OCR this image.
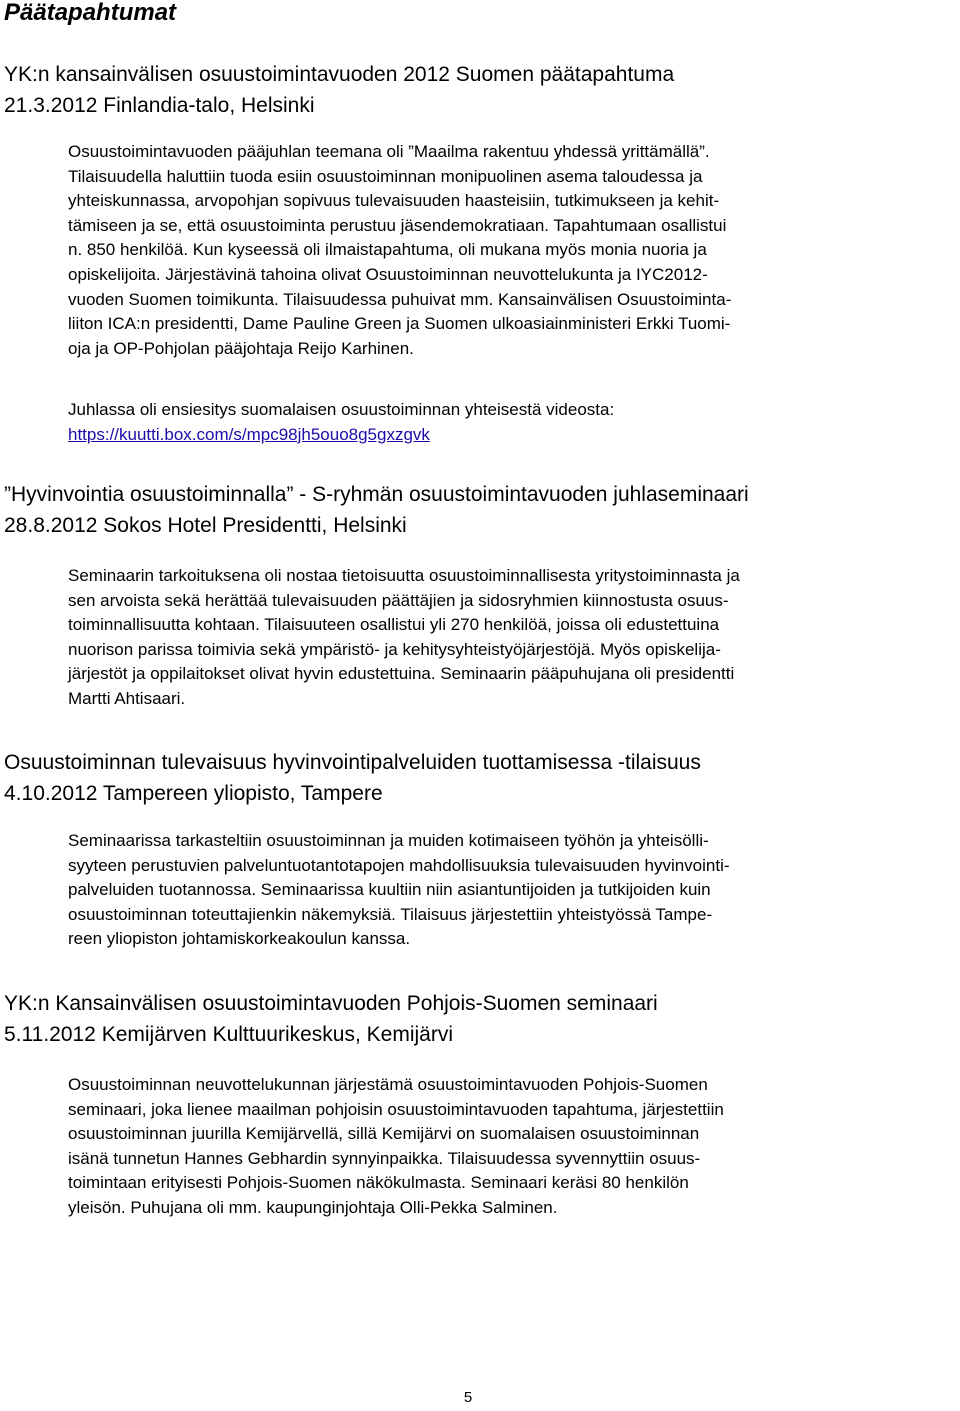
Päätapahtumat
YK:n kansainvälisen osuustoimintavuoden 2012 Suomen päätapahtuma
21.3.2012 Finlandia-talo, Helsinki
Osuustoimintavuoden pääjuhlan teemana oli ”Maailma rakentuu yhdessä yrittämällä”.
Tilaisuudella haluttiin tuoda esiin osuustoiminnan monipuolinen asema taloudessa ja
yhteiskunnassa, arvopohjan sopivuus tulevaisuuden haasteisiin, tutkimukseen ja kehit-
tämiseen ja se, että osuustoiminta perustuu jäsendemokratiaan. Tapahtumaan osallistui
n. 850 henkilöä. Kun kyseessä oli ilmaistapahtuma, oli mukana myös monia nuoria ja
opiskelijoita. Järjestävinä tahoina olivat Osuustoiminnan neuvottelukunta ja IYC2012-
vuoden Suomen toimikunta. Tilaisuudessa puhuivat mm. Kansainvälisen Osuustoiminta-
liiton ICA:n presidentti, Dame Pauline Green ja Suomen ulkoasiainministeri Erkki Tuomi-
oja ja OP-Pohjolan pääjohtaja Reijo Karhinen.
Juhlassa oli ensiesitys suomalaisen osuustoiminnan yhteisestä videosta:
https://kuutti.box.com/s/mpc98jh5ouo8g5gxzgvk
”Hyvinvointia osuustoiminnalla” - S-ryhmän osuustoimintavuoden juhlaseminaari
28.8.2012 Sokos Hotel Presidentti, Helsinki
Seminaarin tarkoituksena oli nostaa tietoisuutta osuustoiminnallisesta yritystoiminnasta ja
sen arvoista sekä herättää tulevaisuuden päättäjien ja sidosryhmien kiinnostusta osuus-
toiminnallisuutta kohtaan. Tilaisuuteen osallistui yli 270 henkilöä, joissa oli edustettuina
nuorison parissa toimivia sekä ympäristö- ja kehitysyhteistyöjärjestöjä. Myös opiskelija-
järjestöt ja oppilaitokset olivat hyvin edustettuina. Seminaarin pääpuhujana oli presidentti
Martti Ahtisaari.
Osuustoiminnan tulevaisuus hyvinvointipalveluiden tuottamisessa -tilaisuus
4.10.2012 Tampereen yliopisto, Tampere
Seminaarissa tarkasteltiin osuustoiminnan ja muiden kotimaiseen työhön ja yhteisölli-
syyteen perustuvien palveluntuotantotapojen mahdollisuuksia tulevaisuuden hyvinvointi-
palveluiden tuotannossa. Seminaarissa kuultiin niin asiantuntijoiden ja tutkijoiden kuin
osuustoiminnan toteuttajienkin näkemyksiä. Tilaisuus järjestettiin yhteistyössä Tampe-
reen yliopiston johtamiskorkeakoulun kanssa.
YK:n Kansainvälisen osuustoimintavuoden Pohjois-Suomen seminaari
5.11.2012 Kemijärven Kulttuurikeskus, Kemijärvi
Osuustoiminnan neuvottelukunnan järjestämä osuustoimintavuoden Pohjois-Suomen
seminaari, joka lienee maailman pohjoisin osuustoimintavuoden tapahtuma, järjestettiin
osuustoiminnan juurilla Kemijärvellä, sillä Kemijärvi on suomalaisen osuustoiminnan
isänä tunnetun Hannes Gebhardin synnyinpaikka. Tilaisuudessa syvennyttiin osuus-
toimintaan erityisesti Pohjois-Suomen näkökulmasta. Seminaari keräsi 80 henkilön
yleisön. Puhujana oli mm. kaupunginjohtaja Olli-Pekka Salminen.
5
